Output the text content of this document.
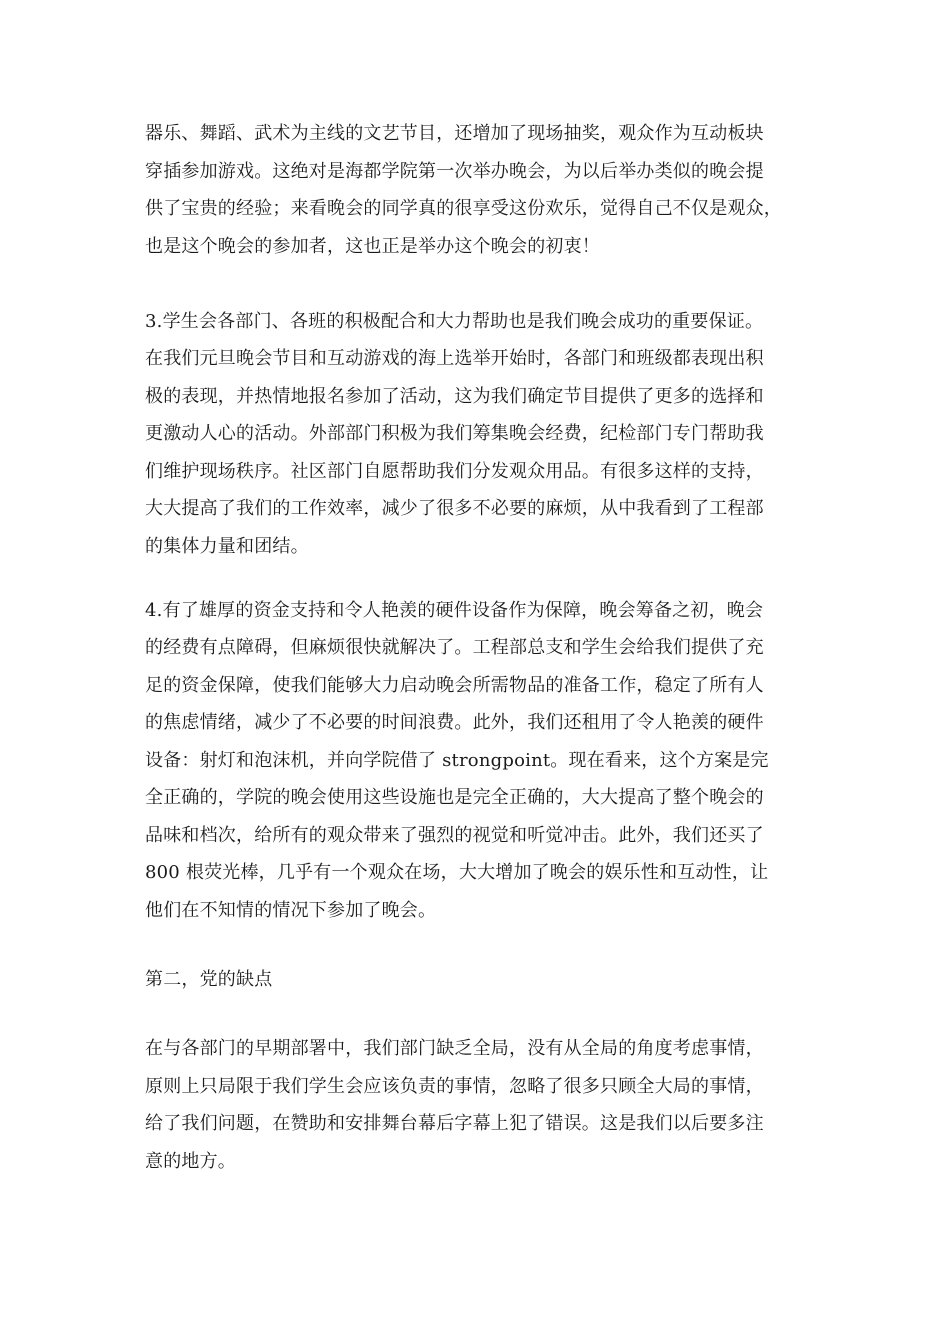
器乐、舞蹈、武术为主线的文艺节目，还增加了现场抽奖，观众作为互动板块
穿插参加游戏。这绝对是海都学院第一次举办晚会，为以后举办类似的晚会提
供了宝贵的经验；来看晚会的同学真的很享受这份欢乐，觉得自己不仅是观众，
也是这个晚会的参加者，这也正是举办这个晚会的初衷！
3.学生会各部门、各班的积极配合和大力帮助也是我们晚会成功的重要保证。
在我们元旦晚会节目和互动游戏的海上选举开始时，各部门和班级都表现出积
极的表现，并热情地报名参加了活动，这为我们确定节目提供了更多的选择和
更激动人心的活动。外部部门积极为我们筹集晚会经费，纪检部门专门帮助我
们维护现场秩序。社区部门自愿帮助我们分发观众用品。有很多这样的支持，
大大提高了我们的工作效率，减少了很多不必要的麻烦，从中我看到了工程部
的集体力量和团结。
4.有了雄厚的资金支持和令人艳羡的硬件设备作为保障，晚会筹备之初，晚会
的经费有点障碍，但麻烦很快就解决了。工程部总支和学生会给我们提供了充
足的资金保障，使我们能够大力启动晚会所需物品的准备工作，稳定了所有人
的焦虑情绪，减少了不必要的时间浪费。此外，我们还租用了令人艳羡的硬件
设备：射灯和泡沫机，并向学院借了 strongpoint。现在看来，这个方案是完
全正确的，学院的晚会使用这些设施也是完全正确的，大大提高了整个晚会的
品味和档次，给所有的观众带来了强烈的视觉和听觉冲击。此外，我们还买了
800 根荧光棒，几乎有一个观众在场，大大增加了晚会的娱乐性和互动性，让
他们在不知情的情况下参加了晚会。
第二，党的缺点
在与各部门的早期部署中，我们部门缺乏全局，没有从全局的角度考虑事情，
原则上只局限于我们学生会应该负责的事情，忽略了很多只顾全大局的事情，
给了我们问题，在赞助和安排舞台幕后字幕上犯了错误。这是我们以后要多注
意的地方。
